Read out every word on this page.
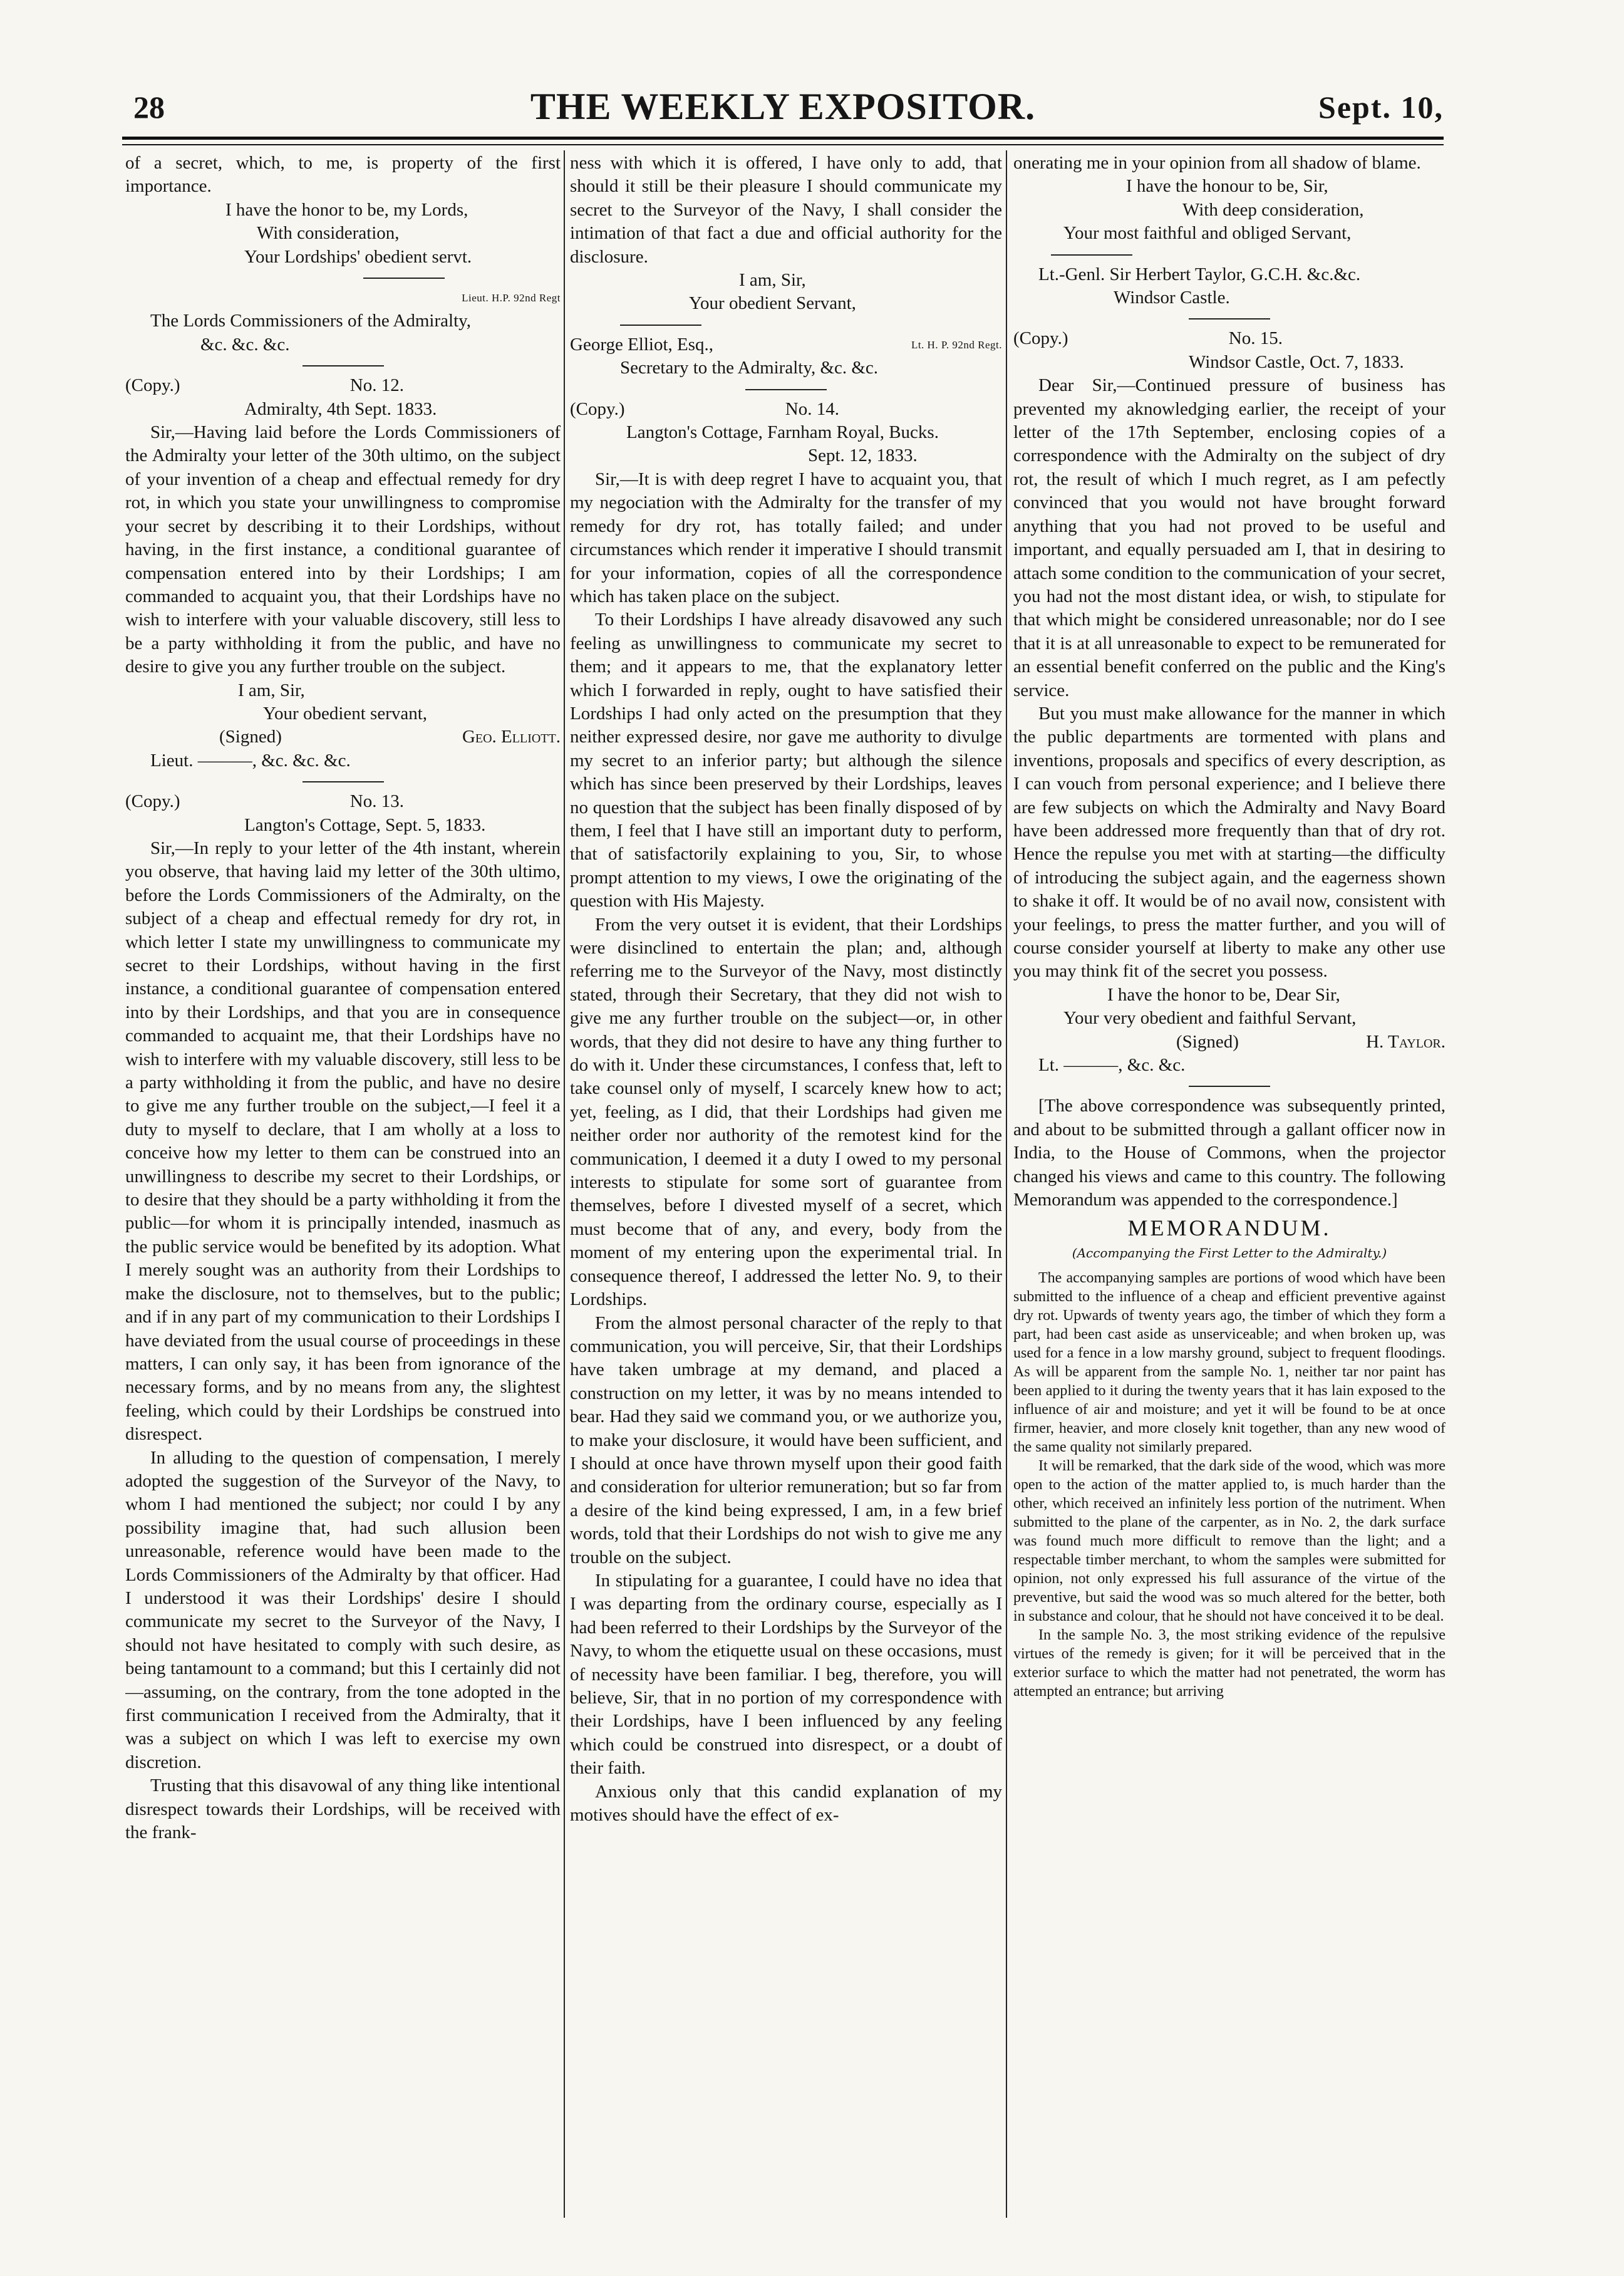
28	THE WEEKLY EXPOSITOR.	Sept. 10,

of a secret, which, to me, is property of the first importance.

I have the honor to be, my Lords,

With consideration,

Your Lordships' obedient servt.

Lieut. H.P. 92nd Regt

The Lords Commissioners of the Admiralty,

&c. &c. &c.

(Copy.)	No. 12.

Admiralty, 4th Sept. 1833.

Sir,—Having laid before the Lords Commissioners of the Admiralty your letter of the 30th ultimo, on the subject of your invention of a cheap and effectual remedy for dry rot, in which you state your unwillingness to compromise your secret by describing it to their Lordships, without having, in the first instance, a conditional guarantee of compensation entered into by their Lordships; I am commanded to acquaint you, that their Lordships have no wish to interfere with your valuable discovery, still less to be a party withholding it from the public, and have no desire to give you any further trouble on the subject.

I am, Sir,

Your obedient servant,

(Signed)	Geo. Elliott.

Lieut. ———, &c. &c. &c.

(Copy.)	No. 13.

Langton's Cottage, Sept. 5, 1833.

Sir,—In reply to your letter of the 4th instant, wherein you observe, that having laid my letter of the 30th ultimo, before the Lords Commissioners of the Admiralty, on the subject of a cheap and effectual remedy for dry rot, in which letter I state my unwillingness to communicate my secret to their Lordships, without having in the first instance, a conditional guarantee of compensation entered into by their Lordships, and that you are in consequence commanded to acquaint me, that their Lordships have no wish to interfere with my valuable discovery, still less to be a party withholding it from the public, and have no desire to give me any further trouble on the subject,—I feel it a duty to myself to declare, that I am wholly at a loss to conceive how my letter to them can be construed into an unwillingness to describe my secret to their Lordships, or to desire that they should be a party withholding it from the public—for whom it is principally intended, inasmuch as the public service would be benefited by its adoption. What I merely sought was an authority from their Lordships to make the disclosure, not to themselves, but to the public; and if in any part of my communication to their Lordships I have deviated from the usual course of proceedings in these matters, I can only say, it has been from ignorance of the necessary forms, and by no means from any, the slightest feeling, which could by their Lordships be construed into disrespect.

In alluding to the question of compensation, I merely adopted the suggestion of the Surveyor of the Navy, to whom I had mentioned the subject; nor could I by any possibility imagine that, had such allusion been unreasonable, reference would have been made to the Lords Commissioners of the Admiralty by that officer. Had I understood it was their Lordships' desire I should communicate my secret to the Surveyor of the Navy, I should not have hesitated to comply with such desire, as being tantamount to a command; but this I certainly did not—assuming, on the contrary, from the tone adopted in the first communication I received from the Admiralty, that it was a subject on which I was left to exercise my own discretion.

Trusting that this disavowal of any thing like intentional disrespect towards their Lordships, will be received with the frank-

ness with which it is offered, I have only to add, that should it still be their pleasure I should communicate my secret to the Surveyor of the Navy, I shall consider the intimation of that fact a due and official authority for the disclosure.

I am, Sir,

Your obedient Servant,

George Elliot, Esq.,	Lt. H. P. 92nd Regt.

Secretary to the Admiralty, &c. &c.

(Copy.)	No. 14.

Langton's Cottage, Farnham Royal, Bucks.

Sept. 12, 1833.

Sir,—It is with deep regret I have to acquaint you, that my negociation with the Admiralty for the transfer of my remedy for dry rot, has totally failed; and under circumstances which render it imperative I should transmit for your information, copies of all the correspondence which has taken place on the subject.

To their Lordships I have already disavowed any such feeling as unwillingness to communicate my secret to them; and it appears to me, that the explanatory letter which I forwarded in reply, ought to have satisfied their Lordships I had only acted on the presumption that they neither expressed desire, nor gave me authority to divulge my secret to an inferior party; but although the silence which has since been preserved by their Lordships, leaves no question that the subject has been finally disposed of by them, I feel that I have still an important duty to perform, that of satisfactorily explaining to you, Sir, to whose prompt attention to my views, I owe the originating of the question with His Majesty.

From the very outset it is evident, that their Lordships were disinclined to entertain the plan; and, although referring me to the Surveyor of the Navy, most distinctly stated, through their Secretary, that they did not wish to give me any further trouble on the subject—or, in other words, that they did not desire to have any thing further to do with it. Under these circumstances, I confess that, left to take counsel only of myself, I scarcely knew how to act; yet, feeling, as I did, that their Lordships had given me neither order nor authority of the remotest kind for the communication, I deemed it a duty I owed to my personal interests to stipulate for some sort of guarantee from themselves, before I divested myself of a secret, which must become that of any, and every, body from the moment of my entering upon the experimental trial. In consequence thereof, I addressed the letter No. 9, to their Lordships.

From the almost personal character of the reply to that communication, you will perceive, Sir, that their Lordships have taken umbrage at my demand, and placed a construction on my letter, it was by no means intended to bear. Had they said we command you, or we authorize you, to make your disclosure, it would have been sufficient, and I should at once have thrown myself upon their good faith and consideration for ulterior remuneration; but so far from a desire of the kind being expressed, I am, in a few brief words, told that their Lordships do not wish to give me any trouble on the subject.

In stipulating for a guarantee, I could have no idea that I was departing from the ordinary course, especially as I had been referred to their Lordships by the Surveyor of the Navy, to whom the etiquette usual on these occasions, must of necessity have been familiar. I beg, therefore, you will believe, Sir, that in no portion of my correspondence with their Lordships, have I been influenced by any feeling which could be construed into disrespect, or a doubt of their faith.

Anxious only that this candid explanation of my motives should have the effect of ex-

onerating me in your opinion from all shadow of blame.

I have the honour to be, Sir,

With deep consideration,

Your most faithful and obliged Servant,

Lt.-Genl. Sir Herbert Taylor, G.C.H. &c.&c.

Windsor Castle.

(Copy.)	No. 15.

Windsor Castle, Oct. 7, 1833.

Dear Sir,—Continued pressure of business has prevented my aknowledging earlier, the receipt of your letter of the 17th September, enclosing copies of a correspondence with the Admiralty on the subject of dry rot, the result of which I much regret, as I am pefectly convinced that you would not have brought forward anything that you had not proved to be useful and important, and equally persuaded am I, that in desiring to attach some condition to the communication of your secret, you had not the most distant idea, or wish, to stipulate for that which might be considered unreasonable; nor do I see that it is at all unreasonable to expect to be remunerated for an essential benefit conferred on the public and the King's service.

But you must make allowance for the manner in which the public departments are tormented with plans and inventions, proposals and specifics of every description, as I can vouch from personal experience; and I believe there are few subjects on which the Admiralty and Navy Board have been addressed more frequently than that of dry rot. Hence the repulse you met with at starting—the difficulty of introducing the subject again, and the eagerness shown to shake it off. It would be of no avail now, consistent with your feelings, to press the matter further, and you will of course consider yourself at liberty to make any other use you may think fit of the secret you possess.

I have the honor to be, Dear Sir,

Your very obedient and faithful Servant,

(Signed)	H. Taylor.

Lt. ———, &c. &c.

[The above correspondence was subsequently printed, and about to be submitted through a gallant officer now in India, to the House of Commons, when the projector changed his views and came to this country. The following Memorandum was appended to the correspondence.]

MEMORANDUM.
(Accompanying the First Letter to the Admiralty.)

The accompanying samples are portions of wood which have been submitted to the influence of a cheap and efficient preventive against dry rot. Upwards of twenty years ago, the timber of which they form a part, had been cast aside as unserviceable; and when broken up, was used for a fence in a low marshy ground, subject to frequent floodings. As will be apparent from the sample No. 1, neither tar nor paint has been applied to it during the twenty years that it has lain exposed to the influence of air and moisture; and yet it will be found to be at once firmer, heavier, and more closely knit together, than any new wood of the same quality not similarly prepared.

It will be remarked, that the dark side of the wood, which was more open to the action of the matter applied to, is much harder than the other, which received an infinitely less portion of the nutriment. When submitted to the plane of the carpenter, as in No. 2, the dark surface was found much more difficult to remove than the light; and a respectable timber merchant, to whom the samples were submitted for opinion, not only expressed his full assurance of the virtue of the preventive, but said the wood was so much altered for the better, both in substance and colour, that he should not have conceived it to be deal.

In the sample No. 3, the most striking evidence of the repulsive virtues of the remedy is given; for it will be perceived that in the exterior surface to which the matter had not penetrated, the worm has attempted an entrance; but arriving
